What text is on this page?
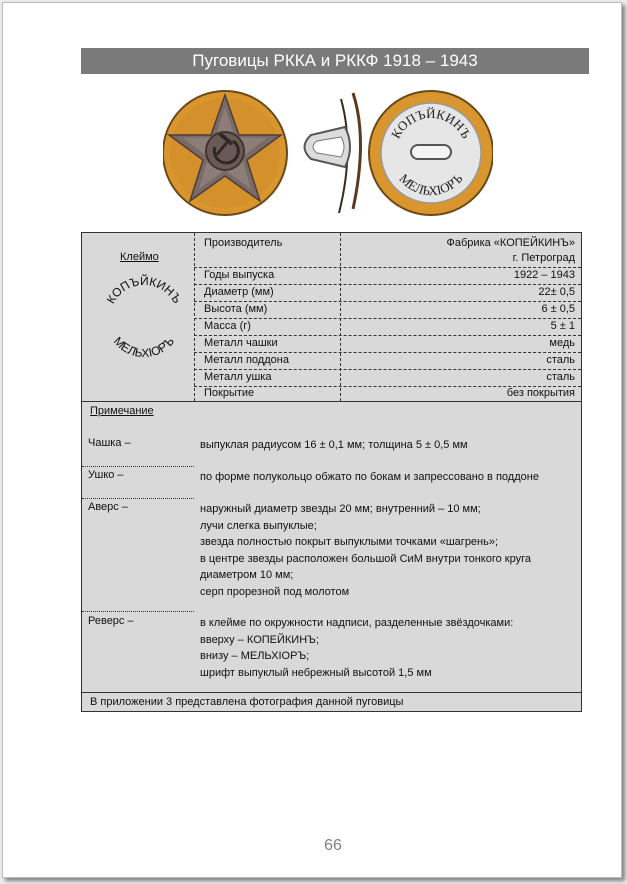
Пуговицы РККА и РККФ 1918 – 1943
КОПЪЙКИНЪ
МЕЛЬХIОРЪ
Клеймо
КОПЪЙКИНЪ
МЕЛЬХIОРЪ
Производитель	Фабрика «КОПЕЙКИНЪ»
г. Петроград
Годы выпуска	1922 – 1943
Диаметр (мм)	22± 0,5
Высота (мм)	6 ± 0,5
Масса (г)	5 ± 1
Металл чашки	медь
Металл поддона	сталь
Металл ушка	сталь
Покрытие	без покрытия
Примечание
Чашка –	выпуклая радиусом 16 ± 0,1 мм; толщина 5 ± 0,5 мм
Ушко –	по форме полукольцо обжато по бокам и запрессовано в поддоне
Аверс –	наружный диаметр звезды 20 мм; внутренний – 10 мм;
лучи слегка выпуклые;
звезда полностью покрыт выпуклыми точками «шагрень»;
в центре звезды расположен большой СиМ внутри тонкого круга
диаметром 10 мм;
серп прорезной под молотом
Реверс –	в клейме по окружности надписи, разделенные звёздочками:
вверху – КОПЕЙКИНЪ;
внизу – МЕЛЬХIОРЪ;
шрифт выпуклый небрежный высотой 1,5 мм
В приложении 3 представлена фотография данной пуговицы
66
